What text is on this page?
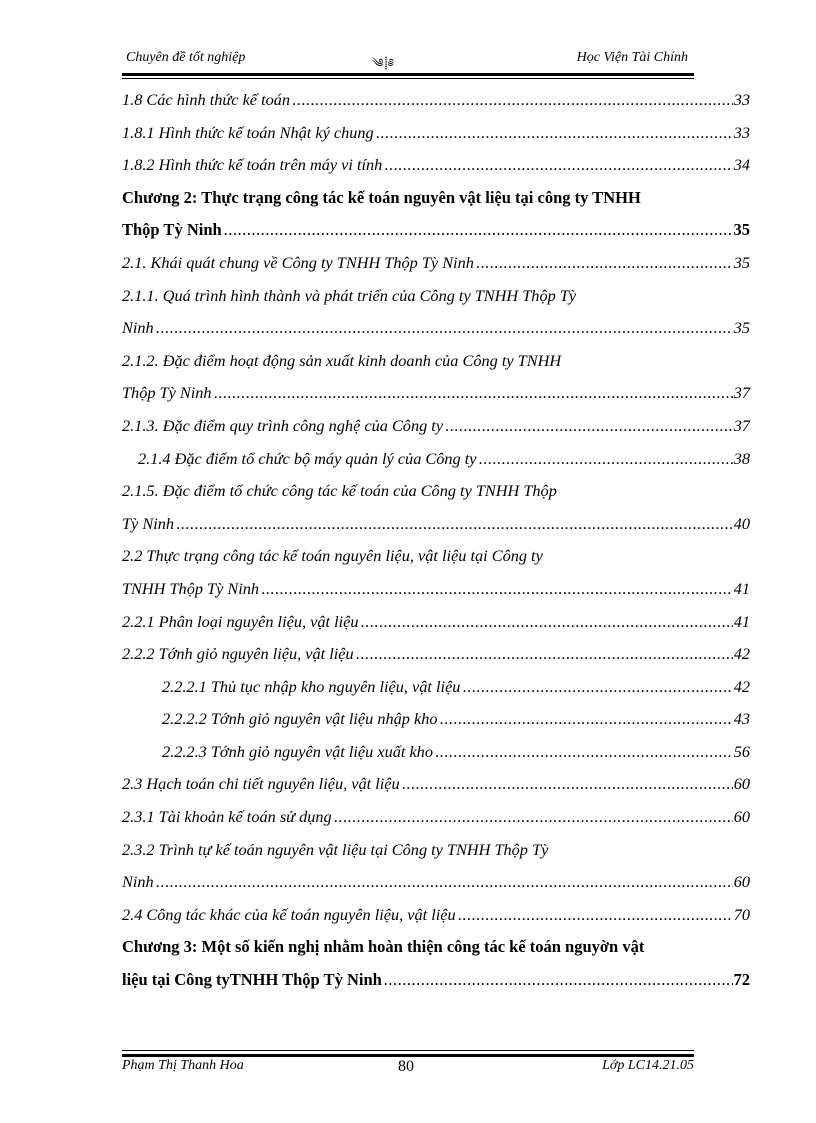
Chuyên đề tốt nghiệp	༄⸽༅	Học Viện Tài Chính
1.8 Các hình thức kế toán .....	33
1.8.1 Hình thức kế toán Nhật ký chung .....	33
1.8.2 Hình thức kế toán trên máy vi tính .....	34
Chương 2: Thực trạng công tác kế toán nguyên vật liệu tại công ty TNHH
Thộp Tỳ Ninh .....	35
2.1. Khái quát chung về Công ty TNHH Thộp Tỳ Ninh .....	35
2.1.1. Quá trình hình thành và phát triển của Công ty TNHH Thộp Tỳ
Ninh .....	35
2.1.2. Đặc điểm hoạt động sản xuất kinh doanh của Công ty TNHH
Thộp Tỳ Ninh .....	37
2.1.3. Đặc điểm quy trình công nghệ của Công ty .....	37
2.1.4 Đặc điểm tổ chức bộ máy quản lý của Công ty .....	38
2.1.5. Đặc điểm tổ chức công tác kế toán của Công ty TNHH Thộp
Tỳ Ninh .....	40
2.2 Thực trạng công tác kế toán nguyên liệu, vật liệu tại Công ty
TNHH Thộp Tỳ Ninh .....	41
2.2.1 Phân loại nguyên liệu, vật liệu .....	41
2.2.2 Tớnh giỏ nguyên liệu, vật liệu .....	42
2.2.2.1 Thủ tục nhập kho nguyên liệu, vật liệu .....	42
2.2.2.2 Tớnh giỏ nguyên vật liệu nhập kho .....	43
2.2.2.3 Tớnh giỏ nguyên vật liệu xuất kho .....	56
2.3 Hạch toán chi tiết nguyên liệu, vật liệu .....	60
2.3.1 Tài khoản kế toán sử dụng .....	60
2.3.2 Trình tự kế toán nguyên vật liệu tại Công ty TNHH Thộp Tỳ
Ninh .....	60
2.4 Công tác khác của kế toán nguyên liệu, vật liệu .....	70
Chương 3: Một số kiến nghị nhằm hoàn thiện công tác kế toán nguyờn vật
liệu tại Công tyTNHH Thộp Tỳ Ninh .....	72
Phạm Thị Thanh Hoa	80	Lớp LC14.21.05
